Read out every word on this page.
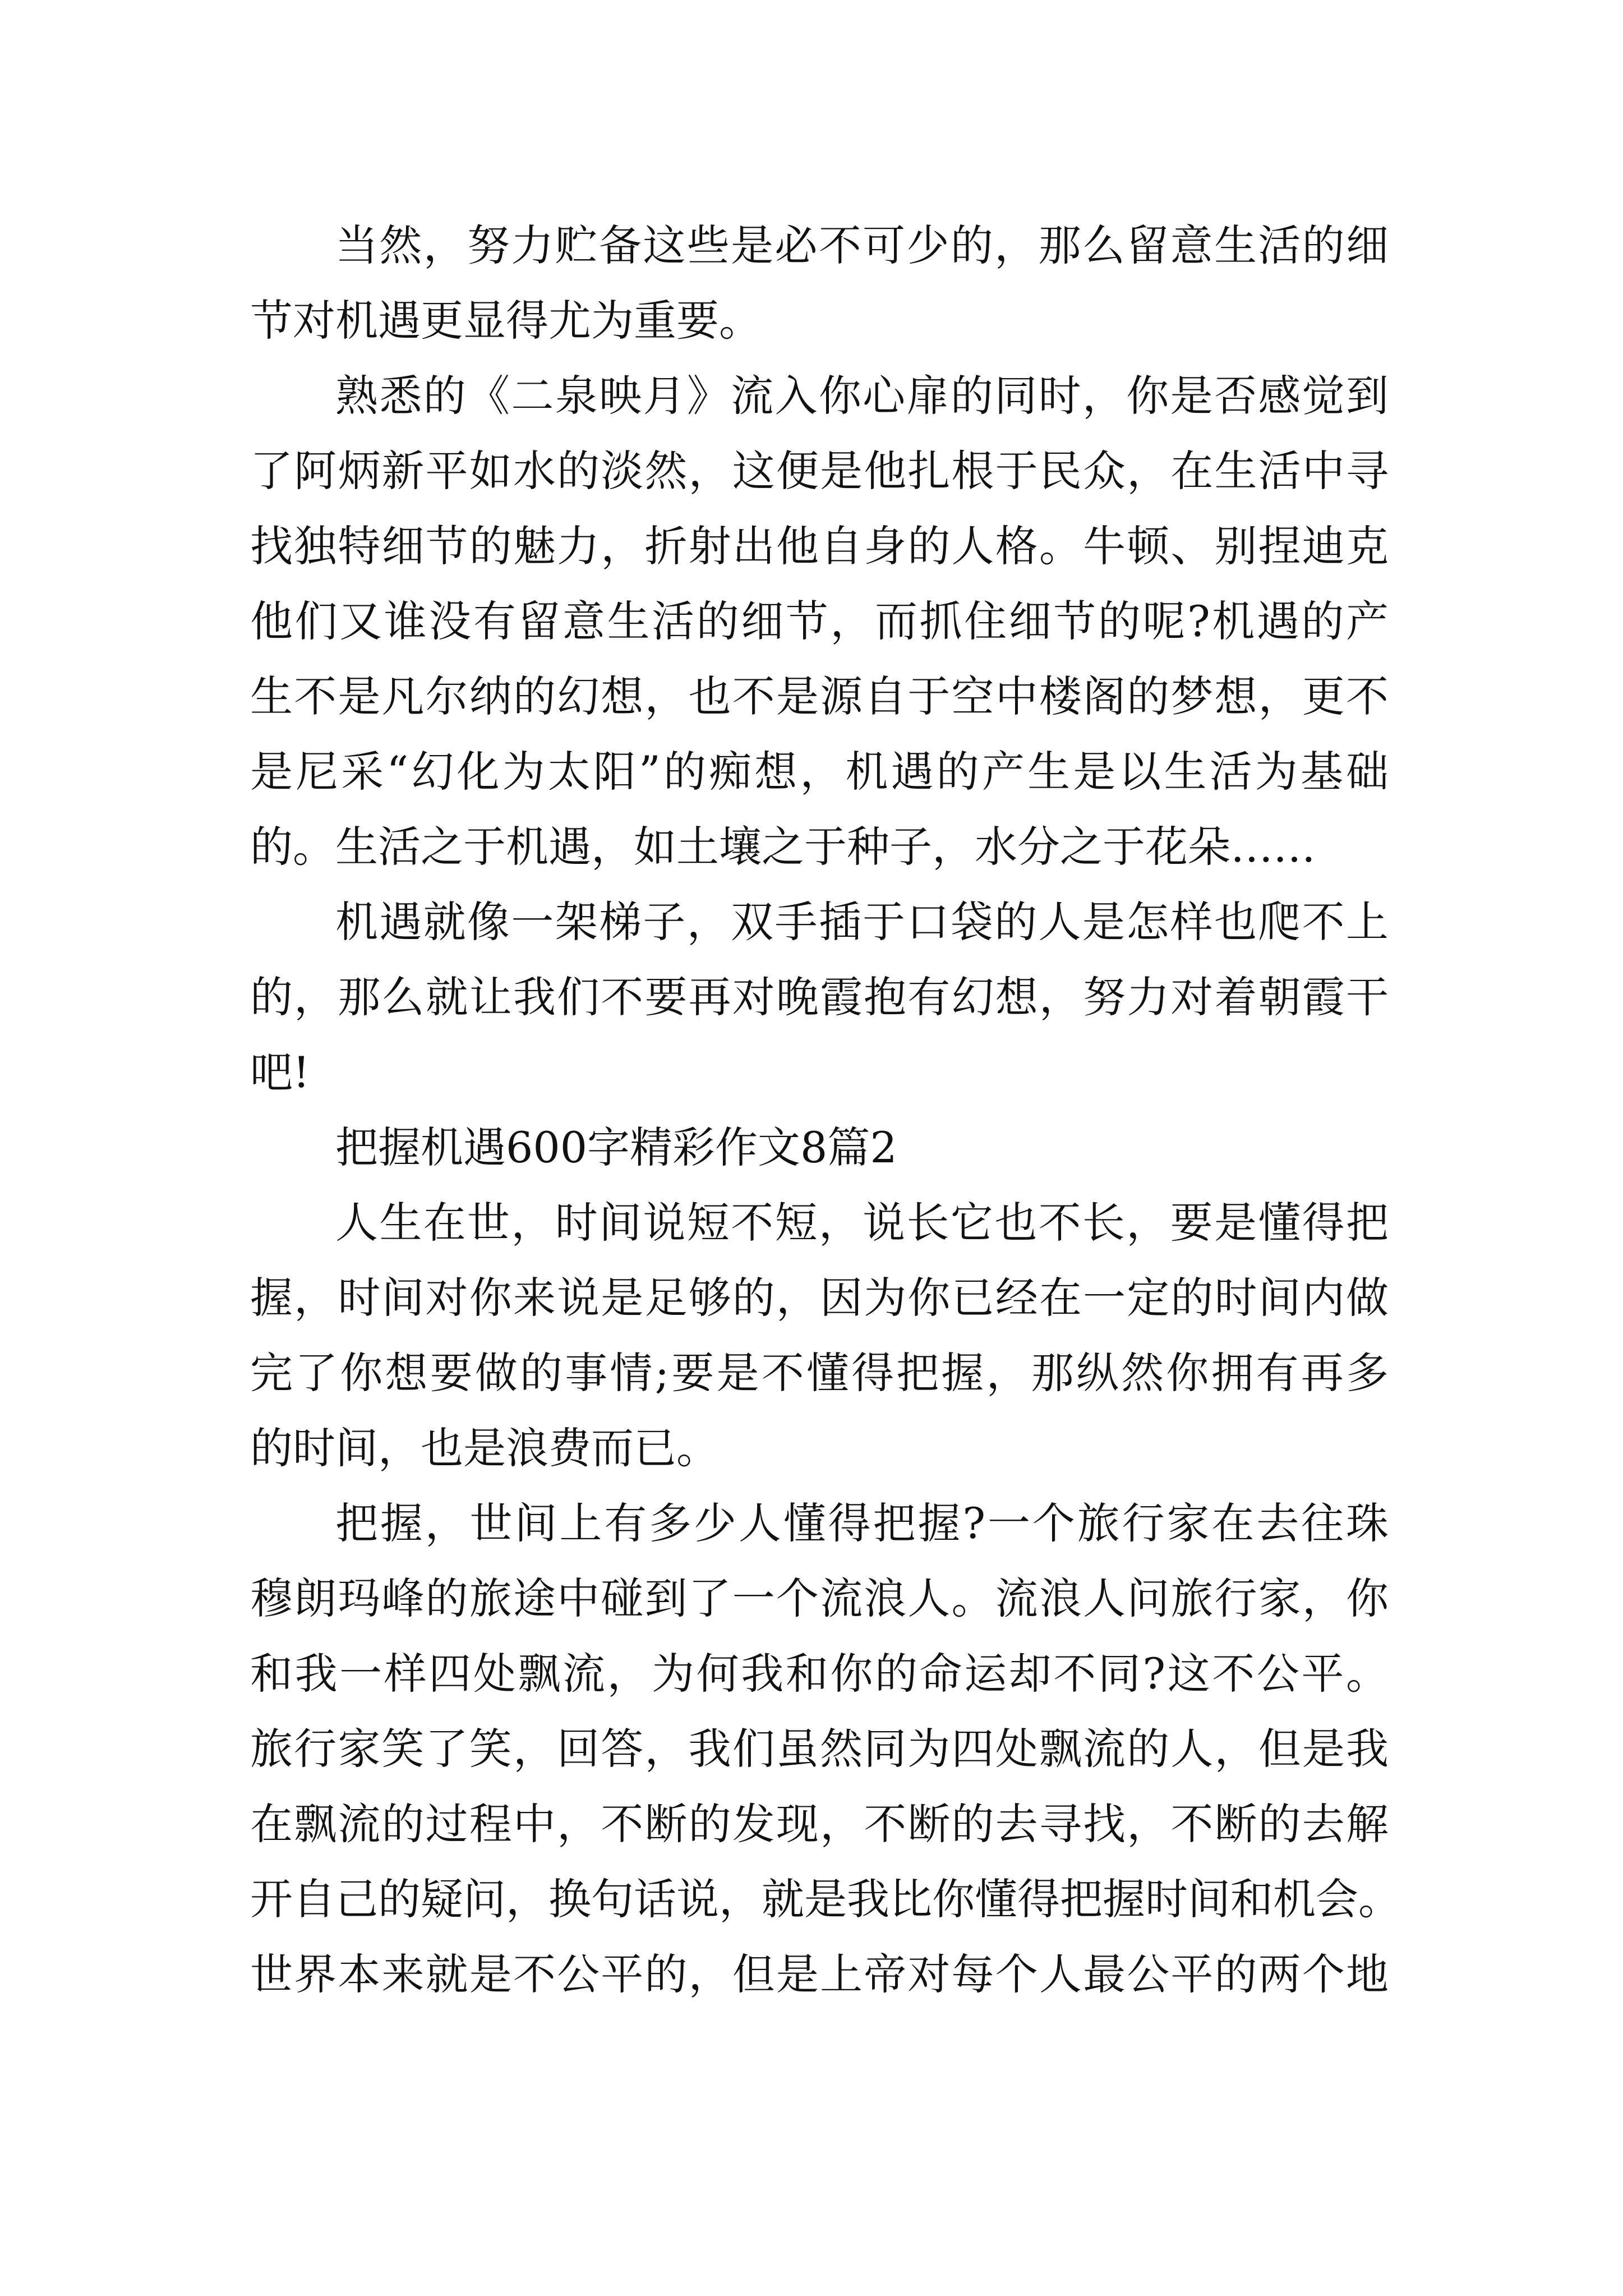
当然，努力贮备这些是必不可少的，那么留意生活的细
节对机遇更显得尤为重要。
熟悉的《二泉映月》流入你心扉的同时，你是否感觉到
了阿炳新平如水的淡然，这便是他扎根于民众，在生活中寻
找独特细节的魅力，折射出他自身的人格。牛顿、别捏迪克
他们又谁没有留意生活的细节，而抓住细节的呢?机遇的产
生不是凡尔纳的幻想，也不是源自于空中楼阁的梦想，更不
是尼采“幻化为太阳”的痴想，机遇的产生是以生活为基础
的。生活之于机遇，如土壤之于种子，水分之于花朵……
机遇就像一架梯子，双手插于口袋的人是怎样也爬不上
的，那么就让我们不要再对晚霞抱有幻想，努力对着朝霞干
吧!
把握机遇600字精彩作文8篇2
人生在世，时间说短不短，说长它也不长，要是懂得把
握，时间对你来说是足够的，因为你已经在一定的时间内做
完了你想要做的事情;要是不懂得把握，那纵然你拥有再多
的时间，也是浪费而已。
把握，世间上有多少人懂得把握?一个旅行家在去往珠
穆朗玛峰的旅途中碰到了一个流浪人。流浪人问旅行家，你
和我一样四处飘流，为何我和你的命运却不同?这不公平。
旅行家笑了笑，回答，我们虽然同为四处飘流的人，但是我
在飘流的过程中，不断的发现，不断的去寻找，不断的去解
开自己的疑问，换句话说，就是我比你懂得把握时间和机会。
世界本来就是不公平的，但是上帝对每个人最公平的两个地
